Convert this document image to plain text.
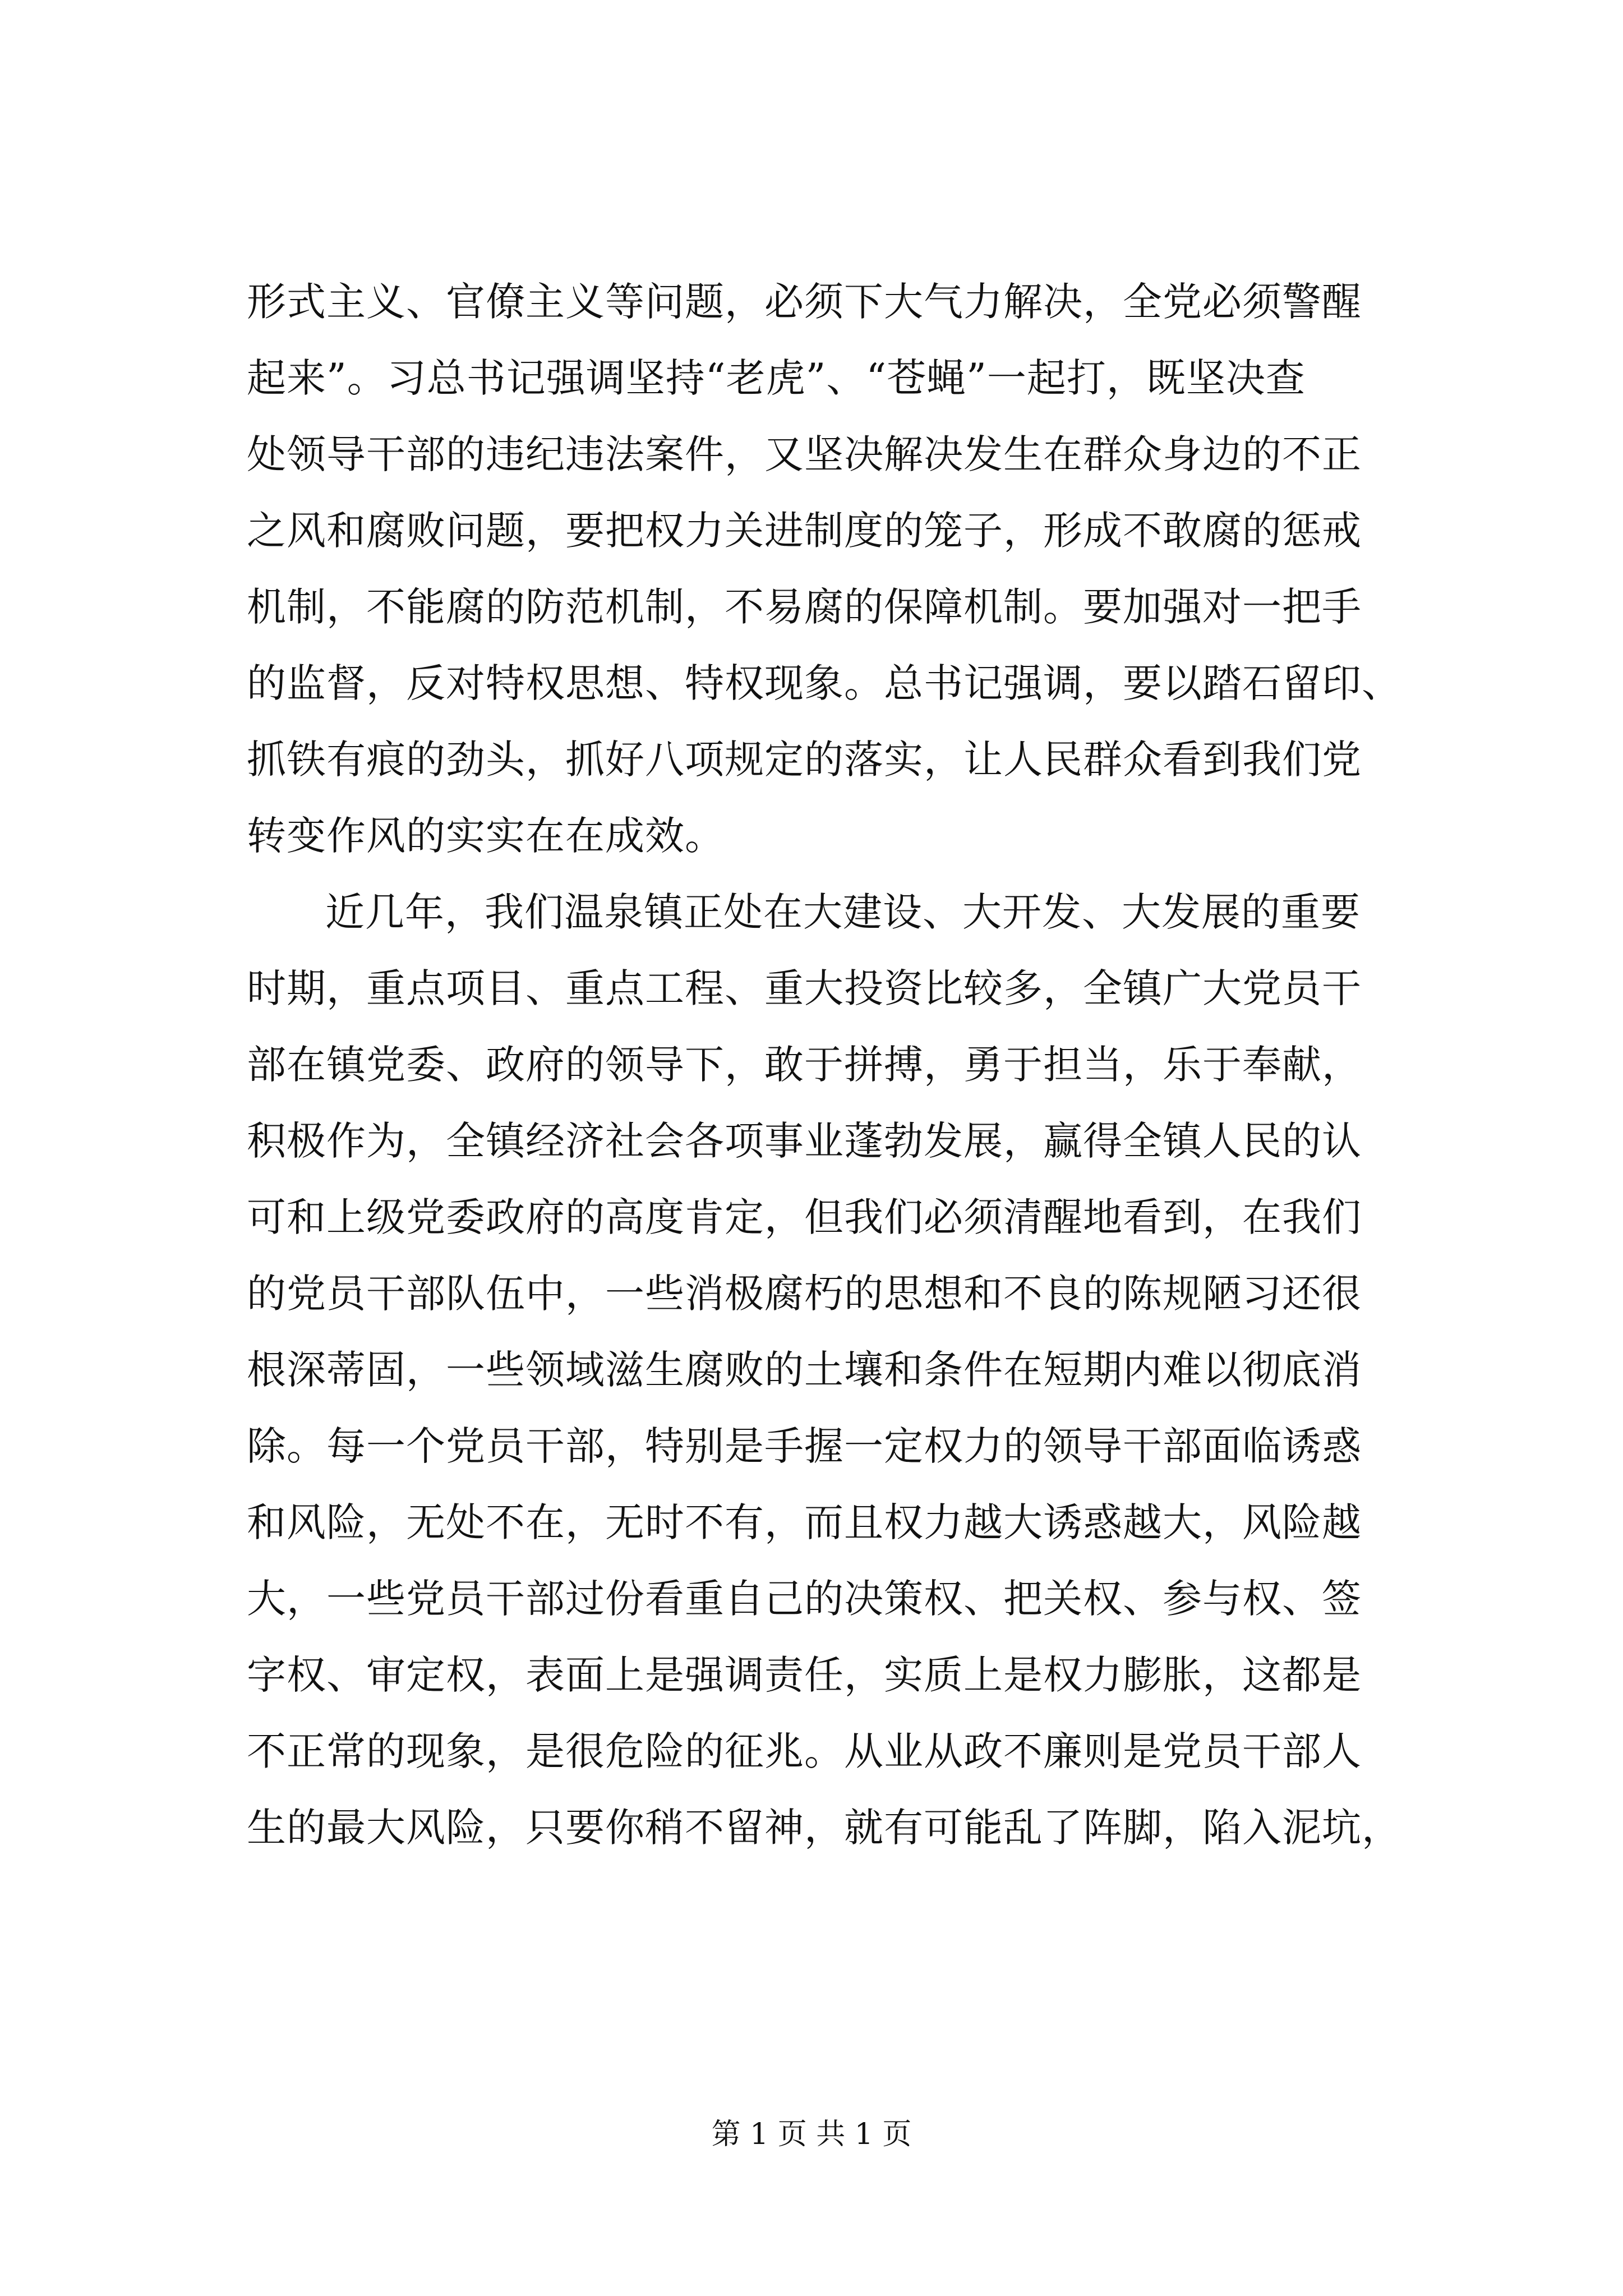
形式主义、官僚主义等问题，必须下大气力解决，全党必须警醒
起来”。习总书记强调坚持“老虎”、“苍蝇”一起打，既坚决查
处领导干部的违纪违法案件，又坚决解决发生在群众身边的不正
之风和腐败问题，要把权力关进制度的笼子，形成不敢腐的惩戒
机制，不能腐的防范机制，不易腐的保障机制。要加强对一把手
的监督，反对特权思想、特权现象。总书记强调，要以踏石留印、
抓铁有痕的劲头，抓好八项规定的落实，让人民群众看到我们党
转变作风的实实在在成效。
近几年，我们温泉镇正处在大建设、大开发、大发展的重要
时期，重点项目、重点工程、重大投资比较多，全镇广大党员干
部在镇党委、政府的领导下，敢于拼搏，勇于担当，乐于奉献，
积极作为，全镇经济社会各项事业蓬勃发展，赢得全镇人民的认
可和上级党委政府的高度肯定，但我们必须清醒地看到，在我们
的党员干部队伍中，一些消极腐朽的思想和不良的陈规陋习还很
根深蒂固，一些领域滋生腐败的土壤和条件在短期内难以彻底消
除。每一个党员干部，特别是手握一定权力的领导干部面临诱惑
和风险，无处不在，无时不有，而且权力越大诱惑越大，风险越
大，一些党员干部过份看重自己的决策权、把关权、参与权、签
字权、审定权，表面上是强调责任，实质上是权力膨胀，这都是
不正常的现象，是很危险的征兆。从业从政不廉则是党员干部人
生的最大风险，只要你稍不留神，就有可能乱了阵脚，陷入泥坑，
第 1 页 共 1 页
